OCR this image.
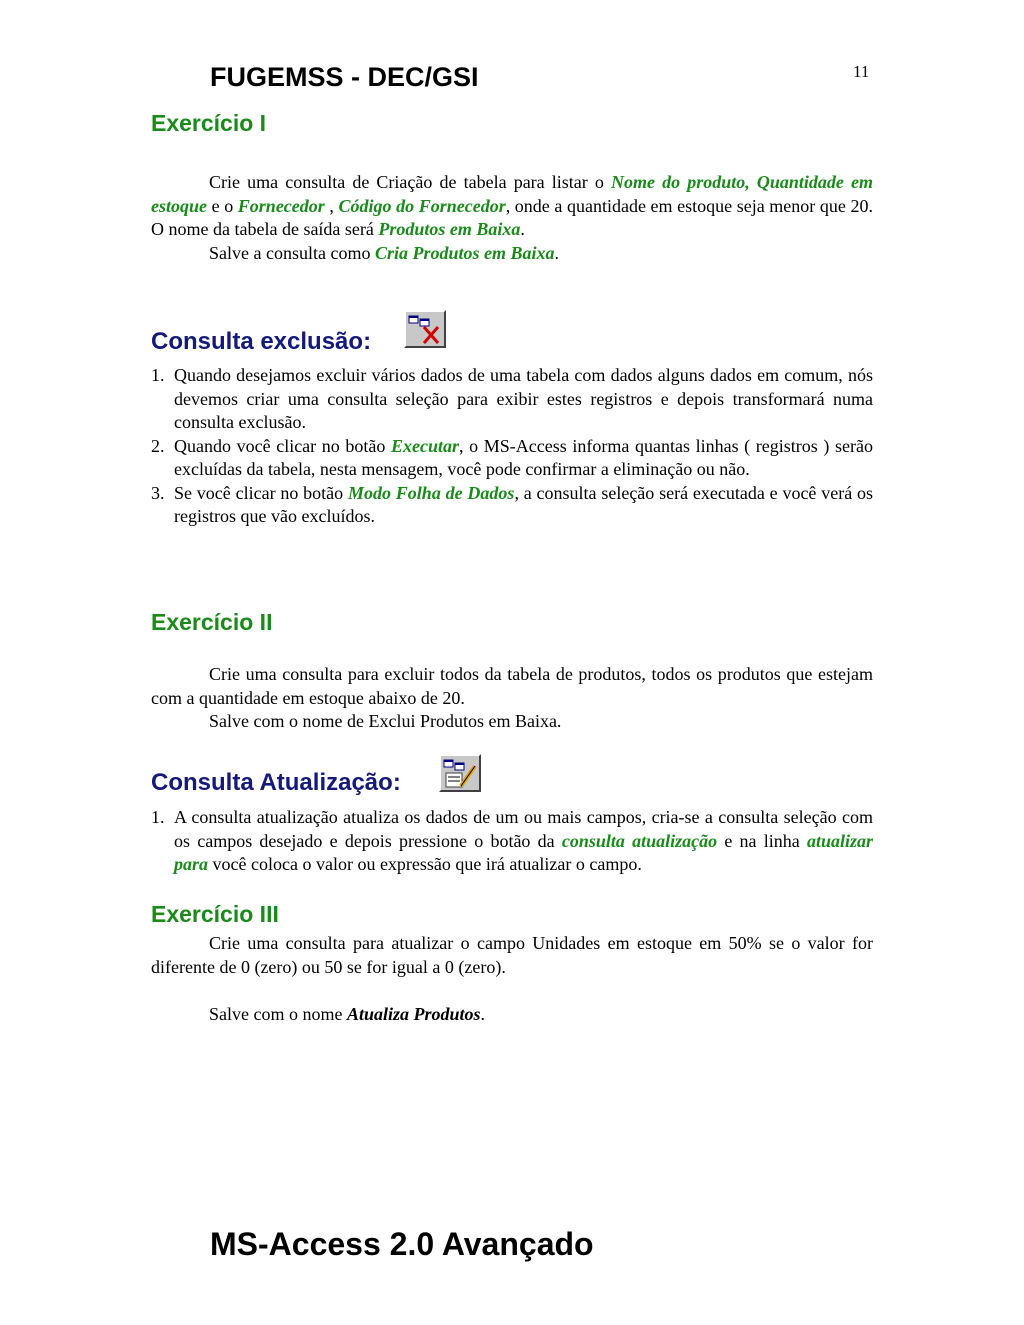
FUGEMSS - DEC/GSI	11
Exercício I
Crie uma consulta de Criação de tabela para listar o Nome do produto, Quantidade em estoque e o Fornecedor , Código do Fornecedor, onde a quantidade em estoque seja menor que 20. O nome da tabela de saída será Produtos em Baixa.
Salve a consulta como Cria Produtos em Baixa.
Consulta exclusão:
1. Quando desejamos excluir vários dados de uma tabela com dados alguns dados em comum, nós devemos criar uma consulta seleção para exibir estes registros e depois transformará numa consulta exclusão.
2. Quando você clicar no botão Executar, o MS-Access informa quantas linhas ( registros ) serão excluídas da tabela, nesta mensagem, você pode confirmar a eliminação ou não.
3. Se você clicar no botão Modo Folha de Dados, a consulta seleção será executada e você verá os registros que vão excluídos.
Exercício II
Crie uma consulta para excluir todos da tabela de produtos, todos os produtos que estejam com a quantidade em estoque abaixo de 20.
Salve com o nome de Exclui Produtos em Baixa.
Consulta Atualização:
1. A consulta atualização atualiza os dados de um ou mais campos, cria-se a consulta seleção com os campos desejado e depois pressione o botão da consulta atualização e na linha atualizar para você coloca o valor ou expressão que irá atualizar o campo.
Exercício III
Crie uma consulta para atualizar o campo Unidades em estoque em 50% se o valor for diferente de 0 (zero) ou 50 se for igual a 0 (zero).
Salve com o nome Atualiza Produtos.
MS-Access 2.0 Avançado
